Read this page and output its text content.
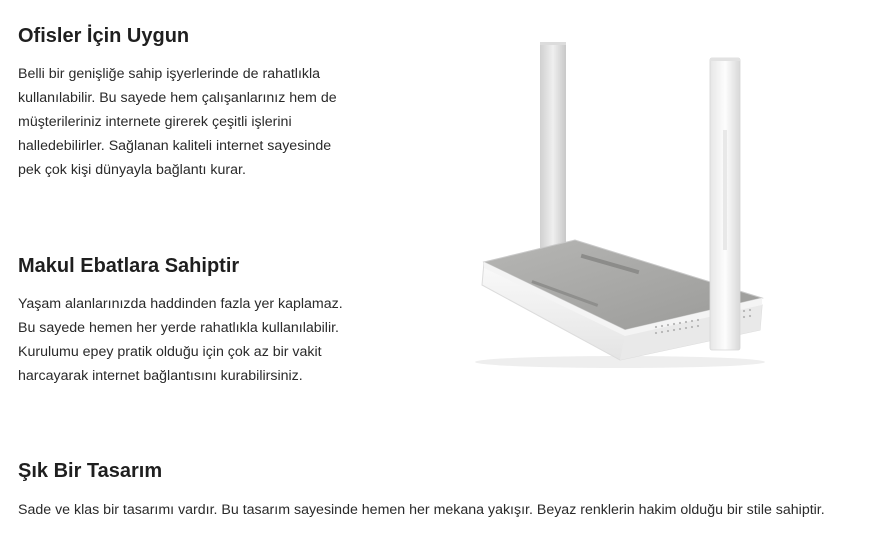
Ofisler İçin Uygun

Belli bir genişliğe sahip işyerlerinde de rahatlıkla kullanılabilir. Bu sayede hem çalışanlarınız hem de müşterileriniz internete girerek çeşitli işlerini halledebilirler. Sağlanan kaliteli internet sayesinde pek çok kişi dünyayla bağlantı kurar.

Makul Ebatlara Sahiptir

Yaşam alanlarınızda haddinden fazla yer kaplamaz. Bu sayede hemen her yerde rahatlıkla kullanılabilir. Kurulumu epey pratik olduğu için çok az bir vakit harcayarak internet bağlantısını kurabilirsiniz.

Şık Bir Tasarım

Sade ve klas bir tasarımı vardır. Bu tasarım sayesinde hemen her mekana yakışır. Beyaz renklerin hakim olduğu bir stile sahiptir.
